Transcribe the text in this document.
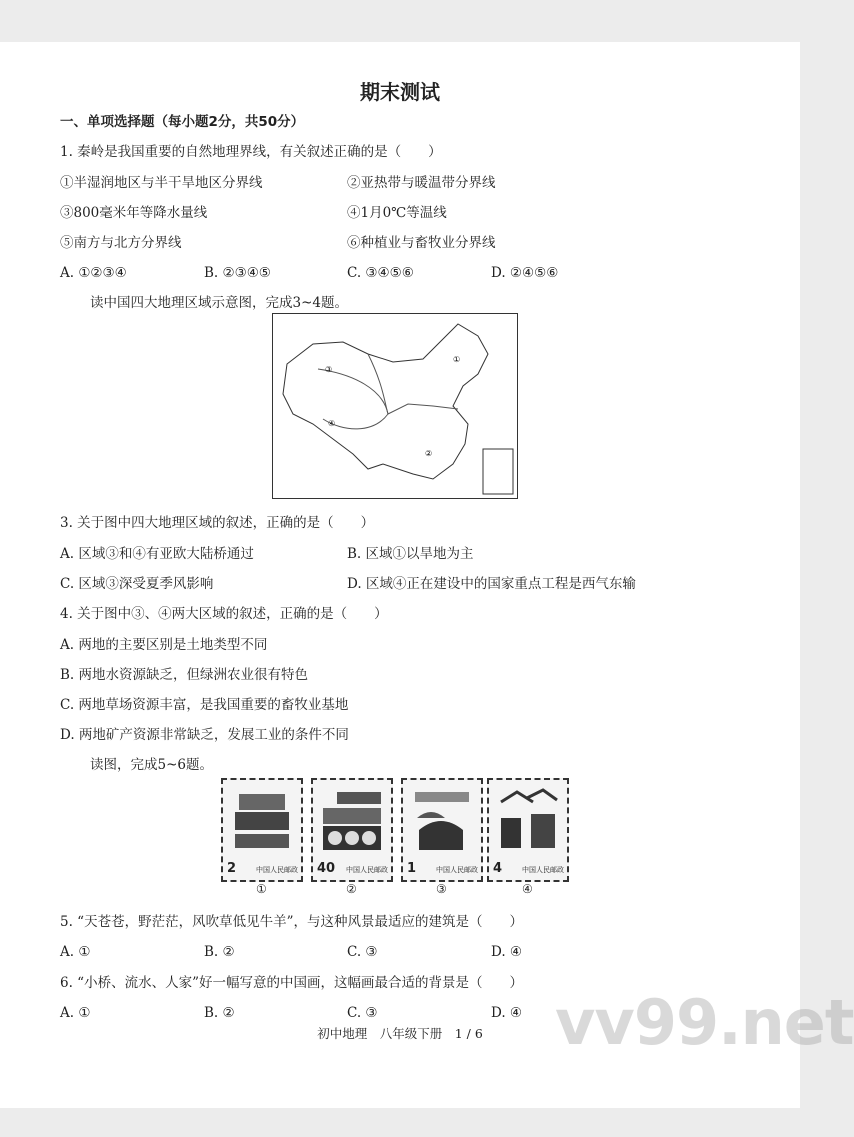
期末测试
一、单项选择题（每小题2分，共50分）
1. 秦岭是我国重要的自然地理界线，有关叙述正确的是（　　）
①半湿润地区与半干旱地区分界线	②亚热带与暖温带分界线
③800毫米年等降水量线	④1月0℃等温线
⑤南方与北方分界线	⑥种植业与畜牧业分界线
A. ①②③④	B. ②③④⑤	C. ③④⑤⑥	D. ②④⑤⑥
读中国四大地理区域示意图，完成3~4题。
①
②
③
④
3. 关于图中四大地理区域的叙述，正确的是（　　）
A. 区域③和④有亚欧大陆桥通过	B. 区域①以旱地为主
C. 区域③深受夏季风影响	D. 区域④正在建设中的国家重点工程是西气东输
4. 关于图中③、④两大区域的叙述，正确的是（　　）
A. 两地的主要区别是土地类型不同
B. 两地水资源缺乏，但绿洲农业很有特色
C. 两地草场资源丰富，是我国重要的畜牧业基地
D. 两地矿产资源非常缺乏，发展工业的条件不同
读图，完成5~6题。
2	中国人民邮政 40 中国人民邮政 1	中国人民邮政 4	中国人民邮政
①	②	③	④
5. “天苍苍，野茫茫，风吹草低见牛羊”，与这种风景最适应的建筑是（　　）
A. ①	B. ②	C. ③	D. ④
6. “小桥、流水、人家”好一幅写意的中国画，这幅画最合适的背景是（　　）
A. ①	B. ②	C. ③	D. ④
初中地理　八年级下册　1 / 6	vv99.net
